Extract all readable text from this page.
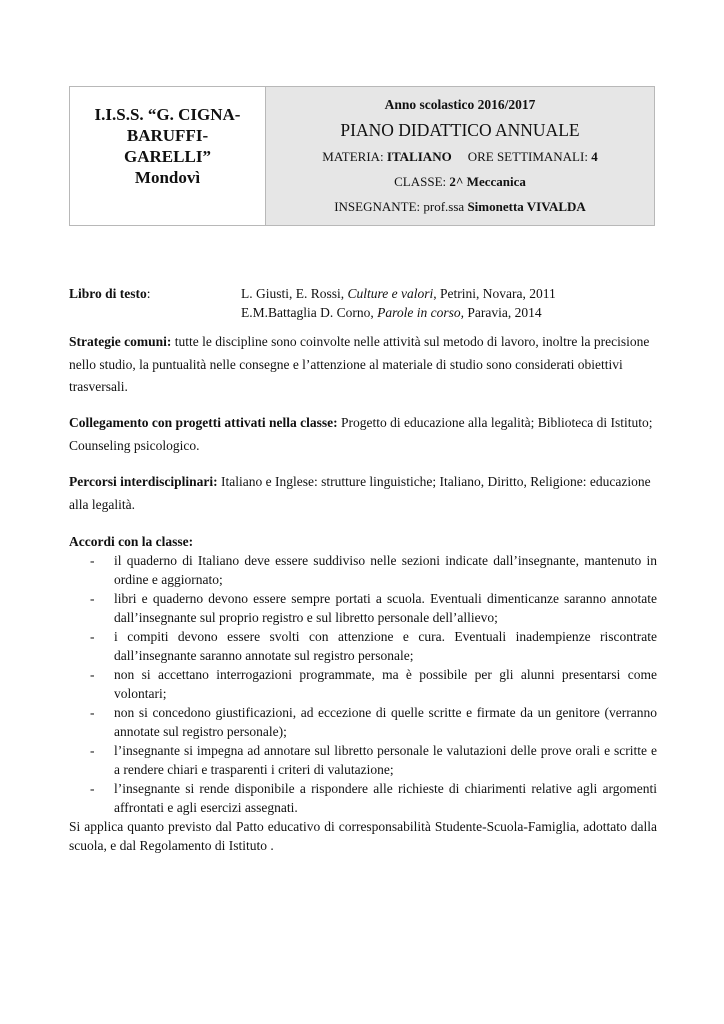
I.I.S.S. “G. CIGNA-BARUFFI-GARELLI” Mondovì
Anno scolastico 2016/2017
PIANO DIDATTICO ANNUALE
MATERIA: ITALIANO ORE SETTIMANALI: 4
CLASSE: 2^ Meccanica
INSEGNANTE: prof.ssa Simonetta VIVALDA
Libro di testo:	L. Giusti, E. Rossi, Culture e valori, Petrini, Novara, 2011
E.M.Battaglia D. Corno, Parole in corso, Paravia, 2014
Strategie comuni: tutte le discipline sono coinvolte nelle attività sul metodo di lavoro, inoltre la precisione nello studio, la puntualità nelle consegne e l’attenzione al materiale di studio sono considerati obiettivi trasversali.
Collegamento con progetti attivati nella classe: Progetto di educazione alla legalità; Biblioteca di Istituto; Counseling psicologico.
Percorsi interdisciplinari: Italiano e Inglese: strutture linguistiche; Italiano, Diritto, Religione: educazione alla legalità.
Accordi con la classe:
- il quaderno di Italiano deve essere suddiviso nelle sezioni indicate dall’insegnante, mantenuto in ordine e aggiornato;
- libri e quaderno devono essere sempre portati a scuola. Eventuali dimenticanze saranno annotate dall’insegnante sul proprio registro e sul libretto personale dell’allievo;
- i compiti devono essere svolti con attenzione e cura. Eventuali inadempienze riscontrate dall’insegnante saranno annotate sul registro personale;
- non si accettano interrogazioni programmate, ma è possibile per gli alunni presentarsi come volontari;
- non si concedono giustificazioni, ad eccezione di quelle scritte e firmate da un genitore (verranno annotate sul registro personale);
- l’insegnante si impegna ad annotare sul libretto personale le valutazioni delle prove orali e scritte e a rendere chiari e trasparenti i criteri di valutazione;
- l’insegnante si rende disponibile a rispondere alle richieste di chiarimenti relative agli argomenti affrontati e agli esercizi assegnati.
Si applica quanto previsto dal Patto educativo di corresponsabilità Studente-Scuola-Famiglia, adottato dalla scuola, e dal Regolamento di Istituto .
